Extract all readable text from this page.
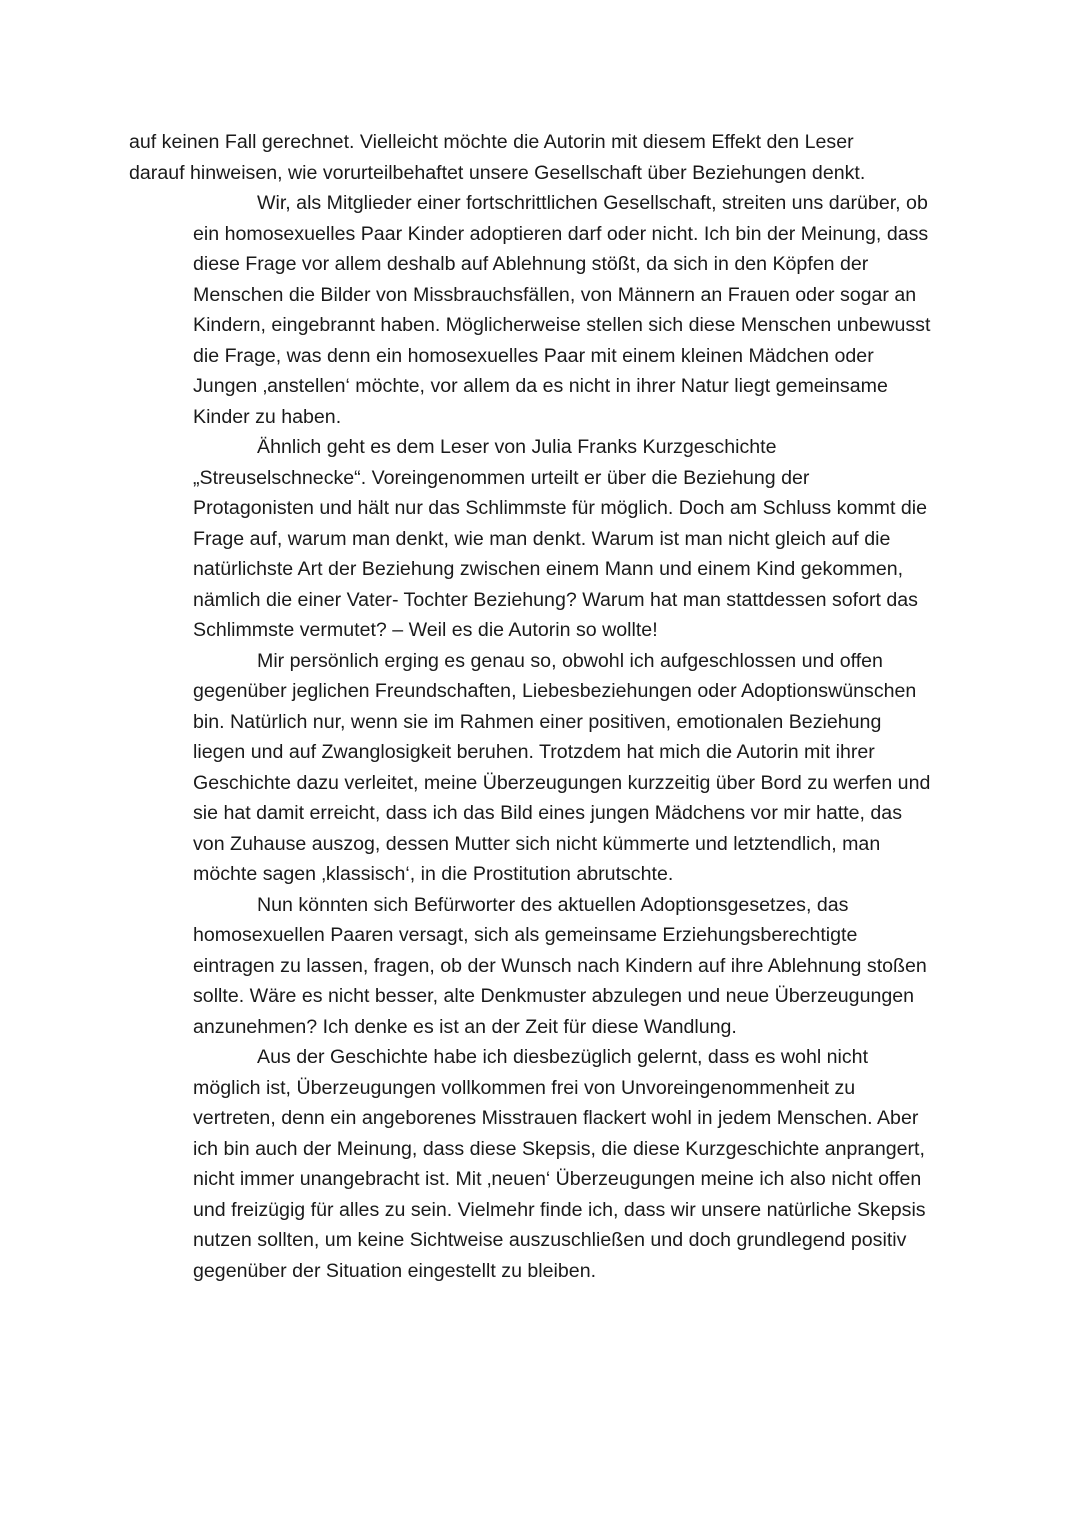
auf keinen Fall gerechnet. Vielleicht möchte die Autorin mit diesem Effekt den Leser
darauf hinweisen, wie vorurteilbehaftet unsere Gesellschaft über Beziehungen denkt.
Wir, als Mitglieder einer fortschrittlichen Gesellschaft, streiten uns darüber, ob
ein homosexuelles Paar Kinder adoptieren darf oder nicht. Ich bin der Meinung, dass
diese Frage vor allem deshalb auf Ablehnung stößt, da sich in den Köpfen der
Menschen die Bilder von Missbrauchsfällen, von Männern an Frauen oder sogar an
Kindern, eingebrannt haben. Möglicherweise stellen sich diese Menschen unbewusst
die Frage, was denn ein homosexuelles Paar mit einem kleinen Mädchen oder
Jungen ‚anstellen‘ möchte, vor allem da es nicht in ihrer Natur liegt gemeinsame
Kinder zu haben.
Ähnlich geht es dem Leser von Julia Franks Kurzgeschichte
„Streuselschnecke“. Voreingenommen urteilt er über die Beziehung der
Protagonisten und hält nur das Schlimmste für möglich. Doch am Schluss kommt die
Frage auf, warum man denkt, wie man denkt. Warum ist man nicht gleich auf die
natürlichste Art der Beziehung zwischen einem Mann und einem Kind gekommen,
nämlich die einer Vater- Tochter Beziehung? Warum hat man stattdessen sofort das
Schlimmste vermutet? – Weil es die Autorin so wollte!
Mir persönlich erging es genau so, obwohl ich aufgeschlossen und offen
gegenüber jeglichen Freundschaften, Liebesbeziehungen oder Adoptionswünschen
bin. Natürlich nur, wenn sie im Rahmen einer positiven, emotionalen Beziehung
liegen und auf Zwanglosigkeit beruhen. Trotzdem hat mich die Autorin mit ihrer
Geschichte dazu verleitet, meine Überzeugungen kurzzeitig über Bord zu werfen und
sie hat damit erreicht, dass ich das Bild eines jungen Mädchens vor mir hatte, das
von Zuhause auszog, dessen Mutter sich nicht kümmerte und letztendlich, man
möchte sagen ‚klassisch‘, in die Prostitution abrutschte.
Nun könnten sich Befürworter des aktuellen Adoptionsgesetzes, das
homosexuellen Paaren versagt, sich als gemeinsame Erziehungsberechtigte
eintragen zu lassen, fragen, ob der Wunsch nach Kindern auf ihre Ablehnung stoßen
sollte. Wäre es nicht besser, alte Denkmuster abzulegen und neue Überzeugungen
anzunehmen? Ich denke es ist an der Zeit für diese Wandlung.
Aus der Geschichte habe ich diesbezüglich gelernt, dass es wohl nicht
möglich ist, Überzeugungen vollkommen frei von Unvoreingenommenheit zu
vertreten, denn ein angeborenes Misstrauen flackert wohl in jedem Menschen. Aber
ich bin auch der Meinung, dass diese Skepsis, die diese Kurzgeschichte anprangert,
nicht immer unangebracht ist. Mit ‚neuen‘ Überzeugungen meine ich also nicht offen
und freizügig für alles zu sein. Vielmehr finde ich, dass wir unsere natürliche Skepsis
nutzen sollten, um keine Sichtweise auszuschließen und doch grundlegend positiv
gegenüber der Situation eingestellt zu bleiben.
